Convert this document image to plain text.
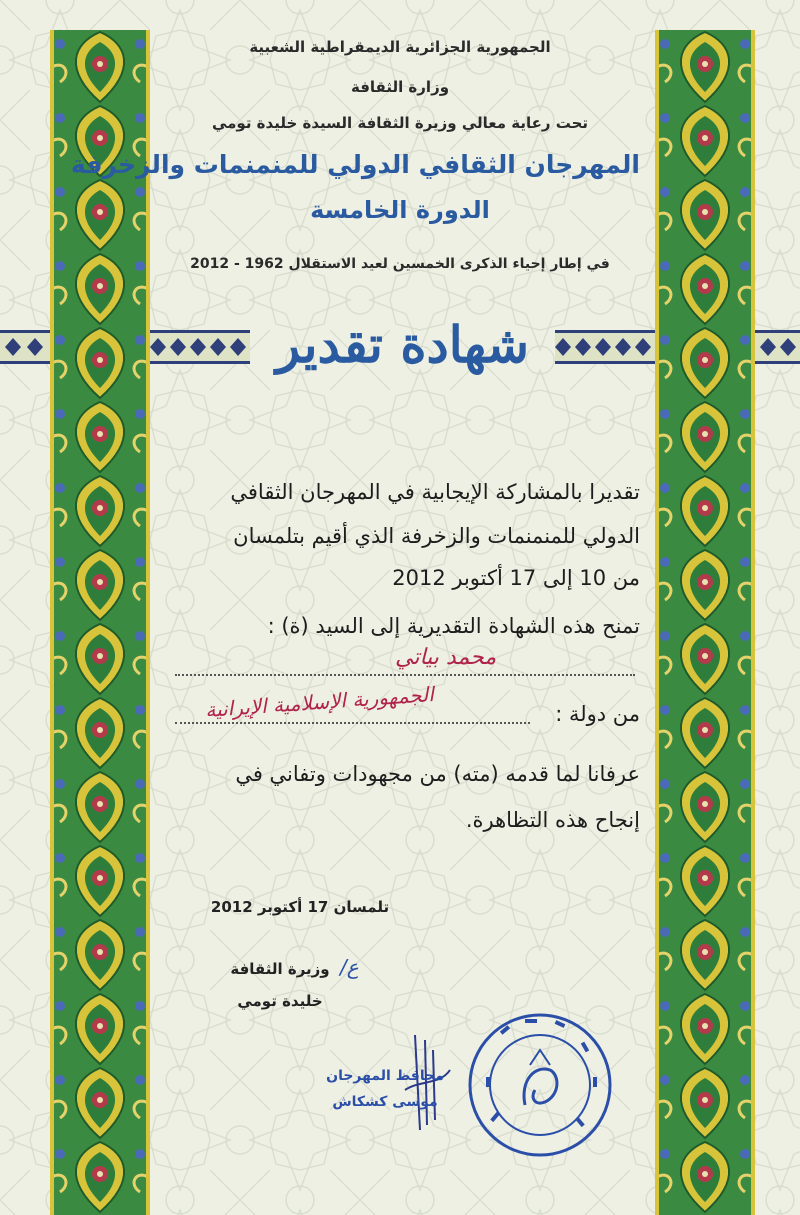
الجمهورية الجزائرية الديمقراطية الشعبية
وزارة الثقافة
تحت رعاية معالي وزيرة الثقافة السيدة خليدة تومي
المهرجان الثقافي الدولي للمنمنمات والزخرفة
الدورة الخامسة
في إطار إحياء الذكرى الخمسين لعيد الاستقلال 1962 - 2012
شهادة تقدير
تقديرا بالمشاركة الإيجابية في المهرجان الثقافي
الدولي للمنمنمات والزخرفة الذي أقيم بتلمسان
من 10 إلى 17 أكتوبر 2012
تمنح هذه الشهادة التقديرية إلى السيد (ة) :
محمد بياتي
من دولة :
الجمهورية الإسلامية الإيرانية
عرفانا لما قدمه (مته) من مجهودات وتفاني في
إنجاح هذه التظاهرة.
تلمسان 17 أكتوبر 2012
وزيرة الثقافة ع/
خليدة تومي
محافظ المهرجان
موسى كشكاش
